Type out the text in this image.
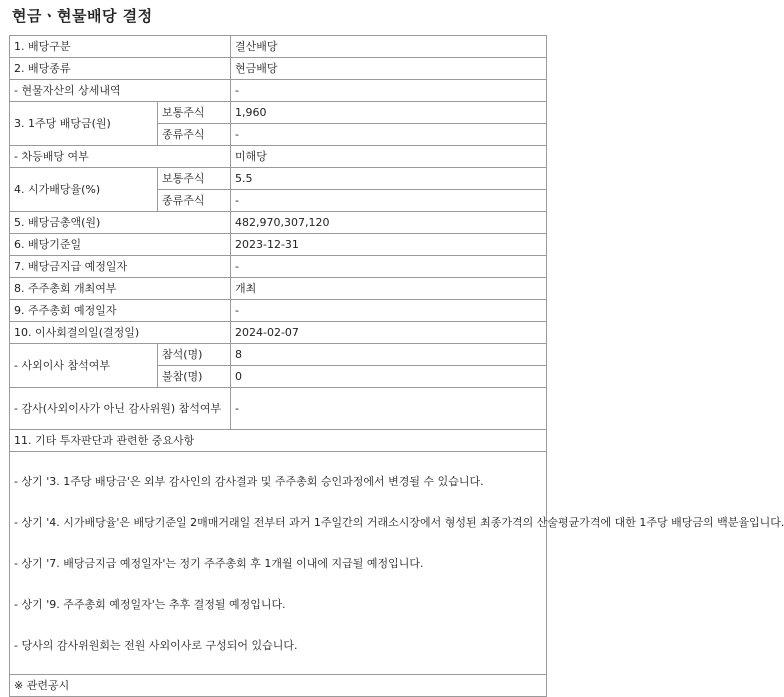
현금ㆍ현물배당 결정
1. 배당구분		결산배당
2. 배당종류		현금배당
- 현물자산의 상세내역		-
3. 1주당 배당금(원)	보통주식	1,960
	종류주식	-
- 차등배당 여부		미해당
4. 시가배당율(%)	보통주식	5.5
	종류주식	-
5. 배당금총액(원)		482,970,307,120
6. 배당기준일		2023-12-31
7. 배당금지급 예정일자		-
8. 주주총회 개최여부		개최
9. 주주총회 예정일자		-
10. 이사회결의일(결정일)		2024-02-07
- 사외이사 참석여부	참석(명)	8
	불참(명)	0
- 감사(사외이사가 아닌 감사위원) 참석여부		-
11. 기타 투자판단과 관련한 중요사항		

- 상기 '3. 1주당 배당금'은 외부 감사인의 감사결과 및 주주총회 승인과정에서 변경될 수 있습니다.

- 상기 '4. 시가배당율'은 배당기준일 2매매거래일 전부터 과거 1주일간의 거래소시장에서 형성된 최종가격의 산술평균가격에 대한 1주당 배당금의 백분율입니다.

- 상기 '7. 배당금지급 예정일자'는 정기 주주총회 후 1개월 이내에 지급될 예정입니다.

- 상기 '9. 주주총회 예정일자'는 추후 결정될 예정입니다.

- 당사의 감사위원회는 전원 사외이사로 구성되어 있습니다.		

※ 관련공시		
